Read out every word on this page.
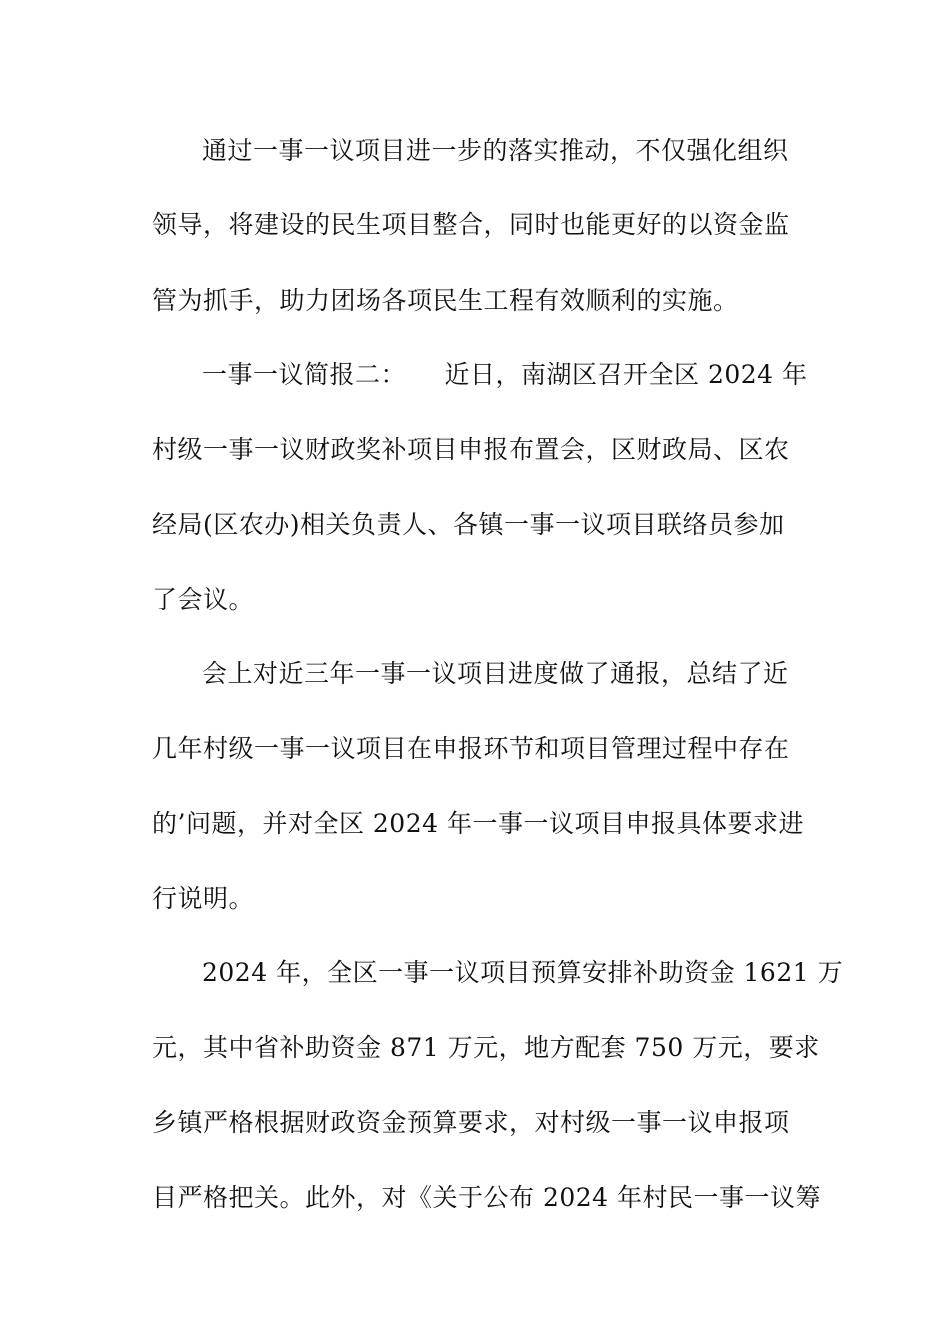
通过一事一议项目进一步的落实推动，不仅强化组织
领导，将建设的民生项目整合，同时也能更好的以资金监
管为抓手，助力团场各项民生工程有效顺利的实施。
一事一议简报二：　　近日，南湖区召开全区 2024 年
村级一事一议财政奖补项目申报布置会，区财政局、区农
经局(区农办)相关负责人、各镇一事一议项目联络员参加
了会议。
会上对近三年一事一议项目进度做了通报，总结了近
几年村级一事一议项目在申报环节和项目管理过程中存在
的’问题，并对全区 2024 年一事一议项目申报具体要求进
行说明。
2024 年，全区一事一议项目预算安排补助资金 1621 万
元，其中省补助资金 871 万元，地方配套 750 万元，要求
乡镇严格根据财政资金预算要求，对村级一事一议申报项
目严格把关。此外，对《关于公布 2024 年村民一事一议筹
